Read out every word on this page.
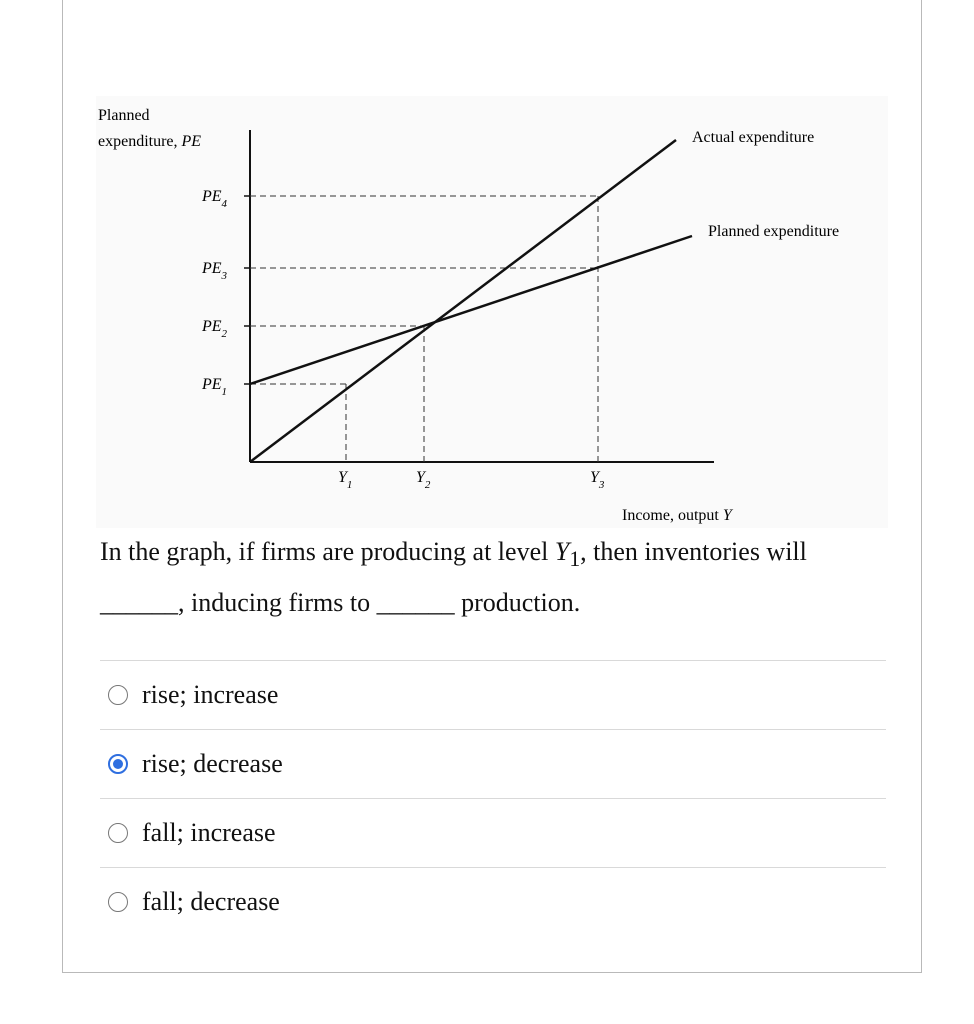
Planned
expenditure, PE
$PE_4$
$PE_3$
$PE_2$
$PE_1$
$Y_1$	$Y_2$	$Y_3$
Actual expenditure
Planned expenditure
Income, output Y
In the graph, if firms are producing at level $Y_1$, then inventories will ______, inducing firms to ______ production.
rise; increase
rise; decrease
fall; increase
fall; decrease
